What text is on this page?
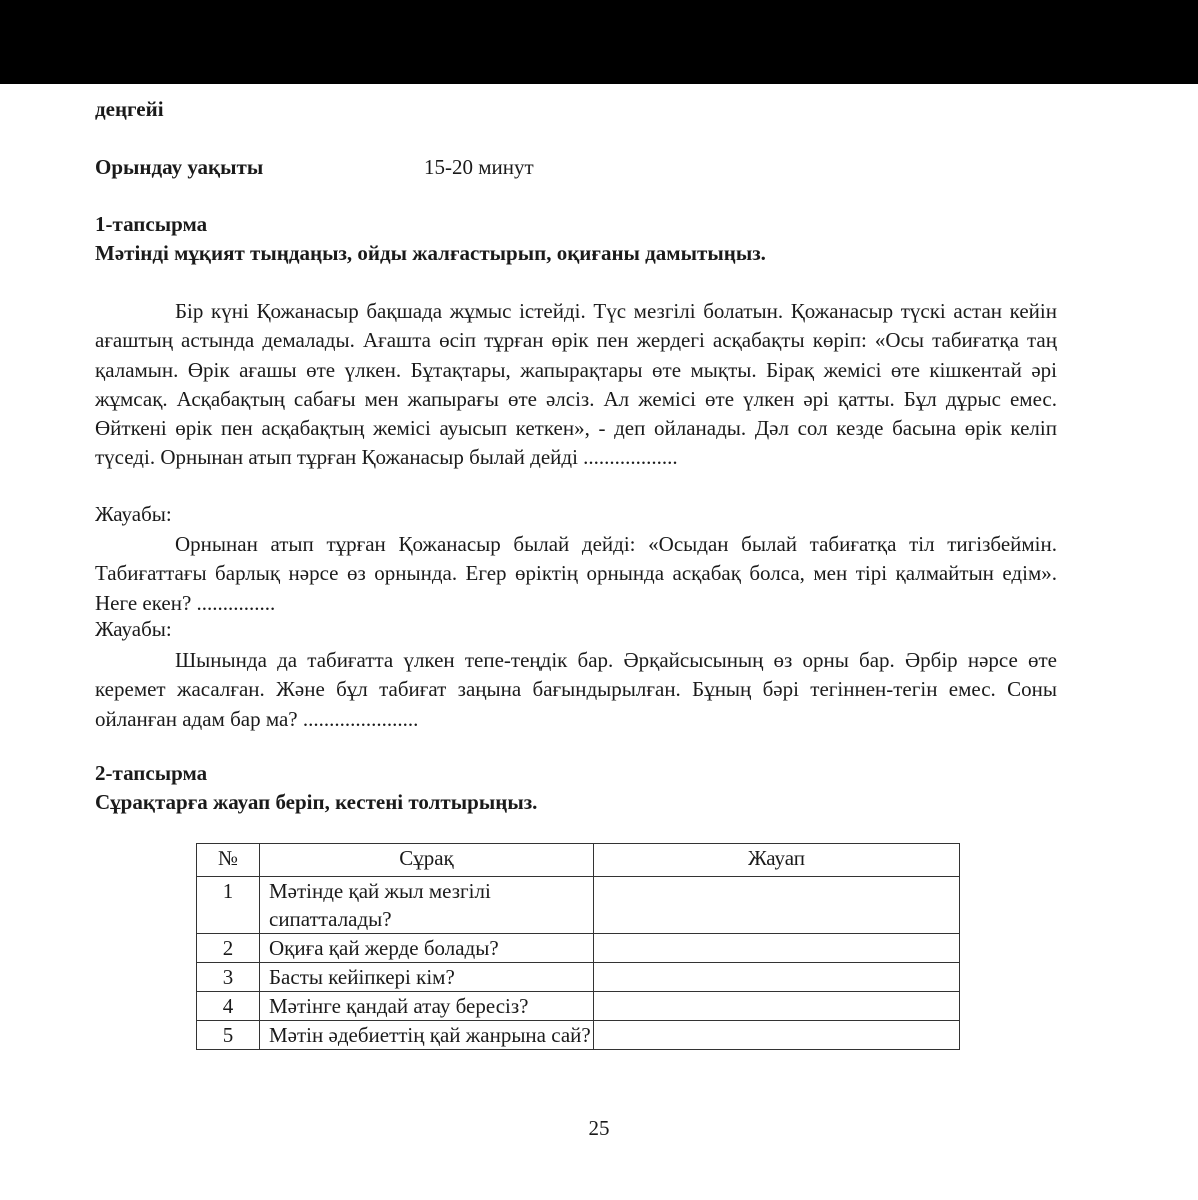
деңгейі
Орындау уақыты	15-20 минут
1-тапсырма
Мәтінді мұқият тыңдаңыз, ойды жалғастырып, оқиғаны дамытыңыз.
Бір күні Қожанасыр бақшада жұмыс істейді. Түс мезгілі болатын. Қожанасыр түскі астан кейін ағаштың астында демалады. Ағашта өсіп тұрған өрік пен жердегі асқабақты көріп: «Осы табиғатқа таң қаламын. Өрік ағашы өте үлкен. Бұтақтары, жапырақтары өте мықты. Бірақ жемісі өте кішкентай әрі жұмсақ. Асқабақтың сабағы мен жапырағы өте әлсіз. Ал жемісі өте үлкен әрі қатты. Бұл дұрыс емес. Өйткені өрік пен асқабақтың жемісі ауысып кеткен», - деп ойланады. Дәл сол кезде басына өрік келіп түседі. Орнынан атып тұрған Қожанасыр былай дейді ..................
Жауабы:
Орнынан атып тұрған Қожанасыр былай дейді: «Осыдан былай табиғатқа тіл тигізбеймін. Табиғаттағы барлық нәрсе өз орнында. Егер өріктің орнында асқабақ болса, мен тірі қалмайтын едім». Неге екен? ...............
Жауабы:
Шынында да табиғатта үлкен тепе-теңдік бар. Әрқайсысының өз орны бар. Әрбір нәрсе өте керемет жасалған. Және бұл табиғат заңына бағындырылған. Бұның бәрі тегіннен-тегін емес. Соны ойланған адам бар ма? ......................
2-тапсырма
Сұрақтарға жауап беріп, кестені толтырыңыз.
№	Сұрақ	Жауап
1	Мәтінде қай жыл мезгілі сипатталады?	
2	Оқиға қай жерде болады?	
3	Басты кейіпкері кім?	
4	Мәтінге қандай атау бересіз?	
5	Мәтін әдебиеттің қай жанрына сай?	
25
